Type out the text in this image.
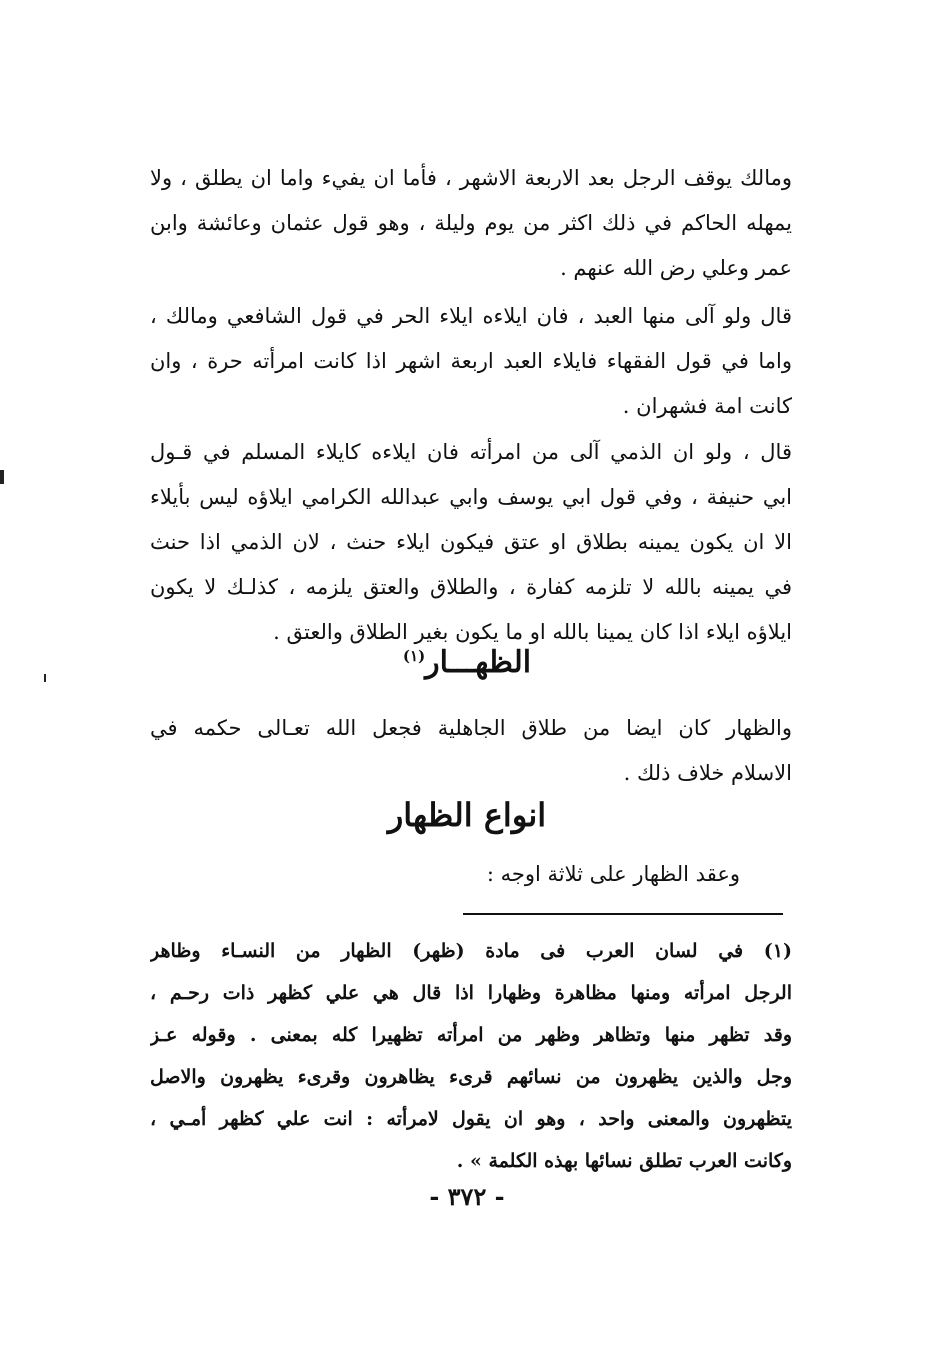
ومالك يوقف الرجل بعد الاربعة الاشهر ، فأما ان يفيء واما ان يطلق ، ولا
يمهله الحاكم في ذلك اكثر من يوم وليلة ، وهو قول عثمان وعائشة وابن
عمر وعلي رض الله عنهم .
قال ولو آلى منها العبد ، فان ايلاءه ايلاء الحر في قول الشافعي ومالك ،
واما في قول الفقهاء فايلاء العبد اربعة اشهر اذا كانت امرأته حرة ، وان
كانت امة فشهران .
قال ، ولو ان الذمي آلى من امرأته فان ايلاءه كايلاء المسلم في قـول
ابي حنيفة ، وفي قول ابي يوسف وابي عبدالله الكرامي ايلاؤه ليس بأيلاء
الا ان يكون يمينه بطلاق او عتق فيكون ايلاء حنث ، لان الذمي اذا حنث
في يمينه بالله لا تلزمه كفارة ، والطلاق والعتق يلزمه ، كذلـك لا يكون
ايلاؤه ايلاء اذا كان يمينا بالله او ما يكون بغير الطلاق والعتق .
الظهـــار$^{(١)}$
والظهار كان ايضا من طلاق الجاهلية فجعل الله تعـالى حكمه في
الاسلام خلاف ذلك .
انواع الظهار
وعقد الظهار على ثلاثة اوجه :
(١) في لسان العرب فى مادة (ظهر) الظهار من النسـاء وظاهر
الرجل امرأته ومنها مظاهرة وظهارا اذا قال هي علي كظهر ذات رحـم ،
وقد تظهر منها وتظاهر وظهر من امرأته تظهيرا كله بمعنى . وقوله عـز
وجل والذين يظهرون من نسائهم قرىء يظاهرون وقرىء يظهرون والاصل
يتظهرون والمعنى واحد ، وهو ان يقول لامرأته : انت علي كظهر أمـي ،
وكانت العرب تطلق نسائها بهذه الكلمة » .
- ٣٧٢ -
